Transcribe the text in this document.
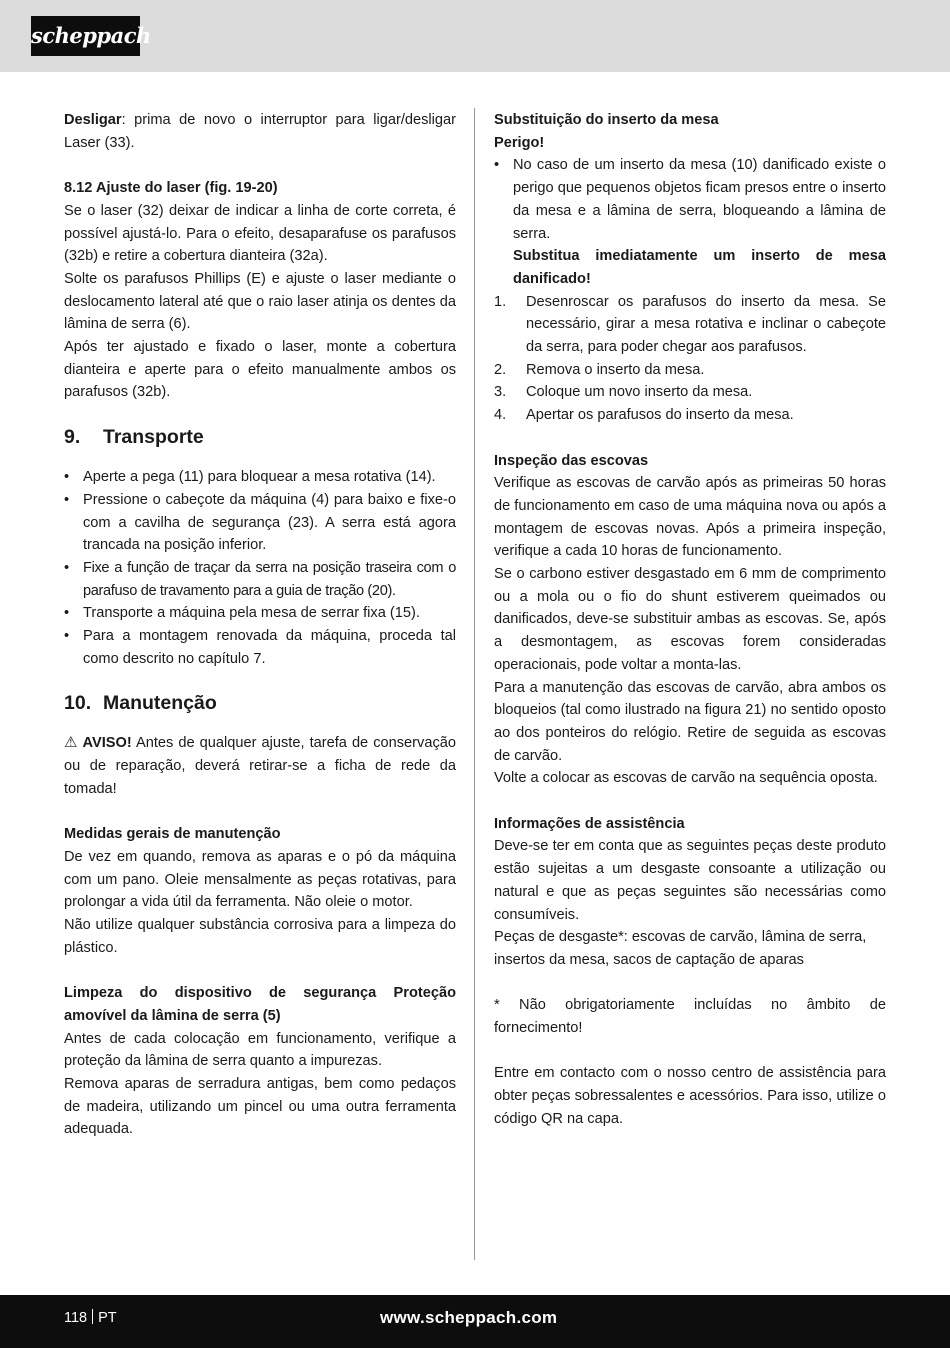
scheppach

Desligar: prima de novo o interruptor para ligar/desligar Laser (33).

8.12 Ajuste do laser (fig. 19-20)

Se o laser (32) deixar de indicar a linha de corte correta, é possível ajustá-lo. Para o efeito, desaparafuse os parafusos (32b) e retire a cobertura dianteira (32a).

Solte os parafusos Phillips (E) e ajuste o laser mediante o deslocamento lateral até que o raio laser atinja os dentes da lâmina de serra (6).

Após ter ajustado e fixado o laser, monte a cobertura dianteira e aperte para o efeito manualmente ambos os parafusos (32b).

9.	Transporte
• Aperte a pega (11) para bloquear a mesa rotativa (14).
• Pressione o cabeçote da máquina (4) para baixo e fixe-o com a cavilha de segurança (23). A serra está agora trancada na posição inferior.
• Fixe a função de traçar da serra na posição traseira com o parafuso de travamento para a guia de tração (20).
• Transporte a máquina pela mesa de serrar fixa (15).
• Para a montagem renovada da máquina, proceda tal como descrito no capítulo 7.
10. Manutenção

⚠ AVISO! Antes de qualquer ajuste, tarefa de conservação ou de reparação, deverá retirar-se a ficha de rede da tomada!

Medidas gerais de manutenção

De vez em quando, remova as aparas e o pó da máquina com um pano. Oleie mensalmente as peças rotativas, para prolongar a vida útil da ferramenta. Não oleie o motor.

Não utilize qualquer substância corrosiva para a limpeza do plástico.

Limpeza do dispositivo de segurança Proteção amovível da lâmina de serra (5)

Antes de cada colocação em funcionamento, verifique a proteção da lâmina de serra quanto a impurezas.

Remova aparas de serradura antigas, bem como pedaços de madeira, utilizando um pincel ou uma outra ferramenta adequada.

Substituição do inserto da mesa

Perigo!

• No caso de um inserto da mesa (10) danificado existe o perigo que pequenos objetos ficam presos entre o inserto da mesa e a lâmina de serra, bloqueando a lâmina de serra.

Substitua imediatamente um inserto de mesa danificado!

1. Desenroscar os parafusos do inserto da mesa. Se necessário, girar a mesa rotativa e inclinar o cabeçote da serra, para poder chegar aos parafusos.
2. Remova o inserto da mesa.
3. Coloque um novo inserto da mesa.
4. Apertar os parafusos do inserto da mesa.

Inspeção das escovas

Verifique as escovas de carvão após as primeiras 50 horas de funcionamento em caso de uma máquina nova ou após a montagem de escovas novas. Após a primeira inspeção, verifique a cada 10 horas de funcionamento.

Se o carbono estiver desgastado em 6 mm de comprimento ou a mola ou o fio do shunt estiverem queimados ou danificados, deve-se substituir ambas as escovas. Se, após a desmontagem, as escovas forem consideradas operacionais, pode voltar a monta-las.

Para a manutenção das escovas de carvão, abra ambos os bloqueios (tal como ilustrado na figura 21) no sentido oposto ao dos ponteiros do relógio. Retire de seguida as escovas de carvão.

Volte a colocar as escovas de carvão na sequência oposta.

Informações de assistência

Deve-se ter em conta que as seguintes peças deste produto estão sujeitas a um desgaste consoante a utilização ou natural e que as peças seguintes são necessárias como consumíveis.

Peças de desgaste*: escovas de carvão, lâmina de serra, insertos da mesa, sacos de captação de aparas

* Não obrigatoriamente incluídas no âmbito de fornecimento!

Entre em contacto com o nosso centro de assistência para obter peças sobressalentes e acessórios. Para isso, utilize o código QR na capa.

118 PT	www.scheppach.com
